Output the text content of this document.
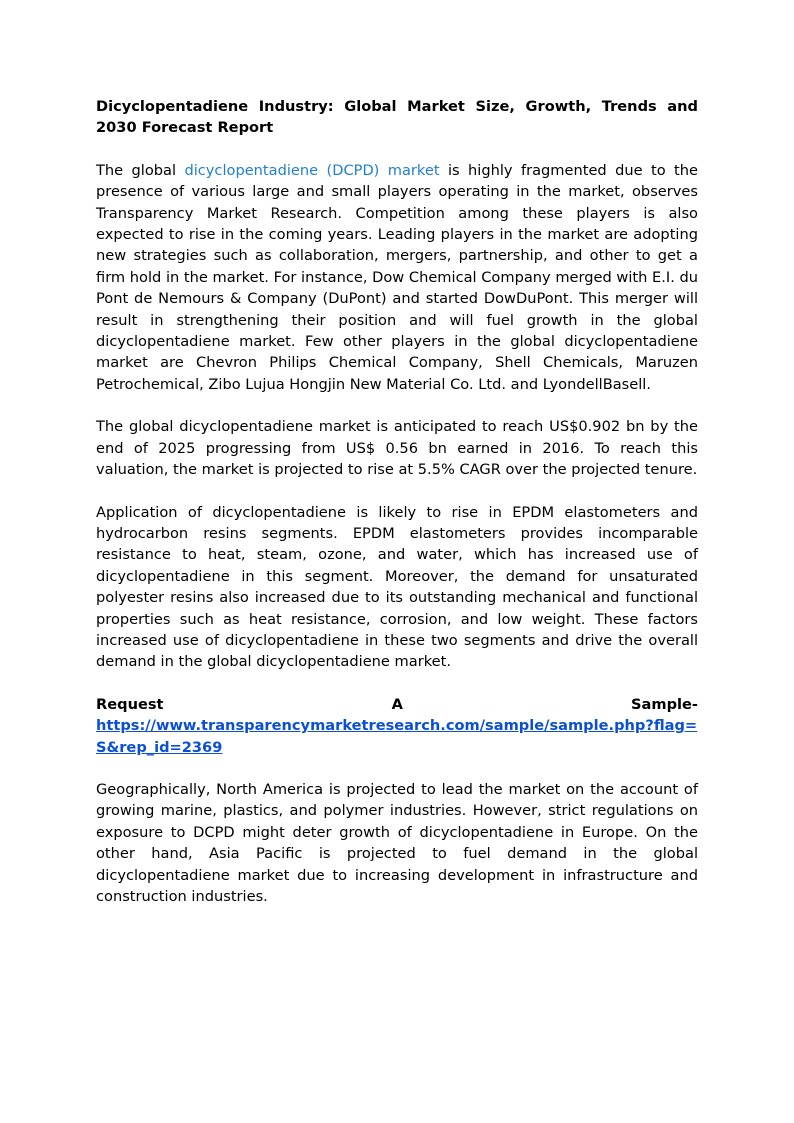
Dicyclopentadiene Industry: Global Market Size, Growth, Trends and 2030 Forecast Report

The global dicyclopentadiene (DCPD) market is highly fragmented due to the presence of various large and small players operating in the market, observes Transparency Market Research. Competition among these players is also expected to rise in the coming years. Leading players in the market are adopting new strategies such as collaboration, mergers, partnership, and other to get a firm hold in the market. For instance, Dow Chemical Company merged with E.I. du Pont de Nemours & Company (DuPont) and started DowDuPont. This merger will result in strengthening their position and will fuel growth in the global dicyclopentadiene market. Few other players in the global dicyclopentadiene market are Chevron Philips Chemical Company, Shell Chemicals, Maruzen Petrochemical, Zibo Lujua Hongjin New Material Co. Ltd. and LyondellBasell.

The global dicyclopentadiene market is anticipated to reach US$0.902 bn by the end of 2025 progressing from US$ 0.56 bn earned in 2016. To reach this valuation, the market is projected to rise at 5.5% CAGR over the projected tenure.

Application of dicyclopentadiene is likely to rise in EPDM elastometers and hydrocarbon resins segments. EPDM elastometers provides incomparable resistance to heat, steam, ozone, and water, which has increased use of dicyclopentadiene in this segment. Moreover, the demand for unsaturated polyester resins also increased due to its outstanding mechanical and functional properties such as heat resistance, corrosion, and low weight. These factors increased use of dicyclopentadiene in these two segments and drive the overall demand in the global dicyclopentadiene market.

Request	A	Sample-
https://www.transparencymarketresearch.com/sample/sample.php?flag=S&rep_id=2369

Geographically, North America is projected to lead the market on the account of growing marine, plastics, and polymer industries. However, strict regulations on exposure to DCPD might deter growth of dicyclopentadiene in Europe. On the other hand, Asia Pacific is projected to fuel demand in the global dicyclopentadiene market due to increasing development in infrastructure and construction industries.
